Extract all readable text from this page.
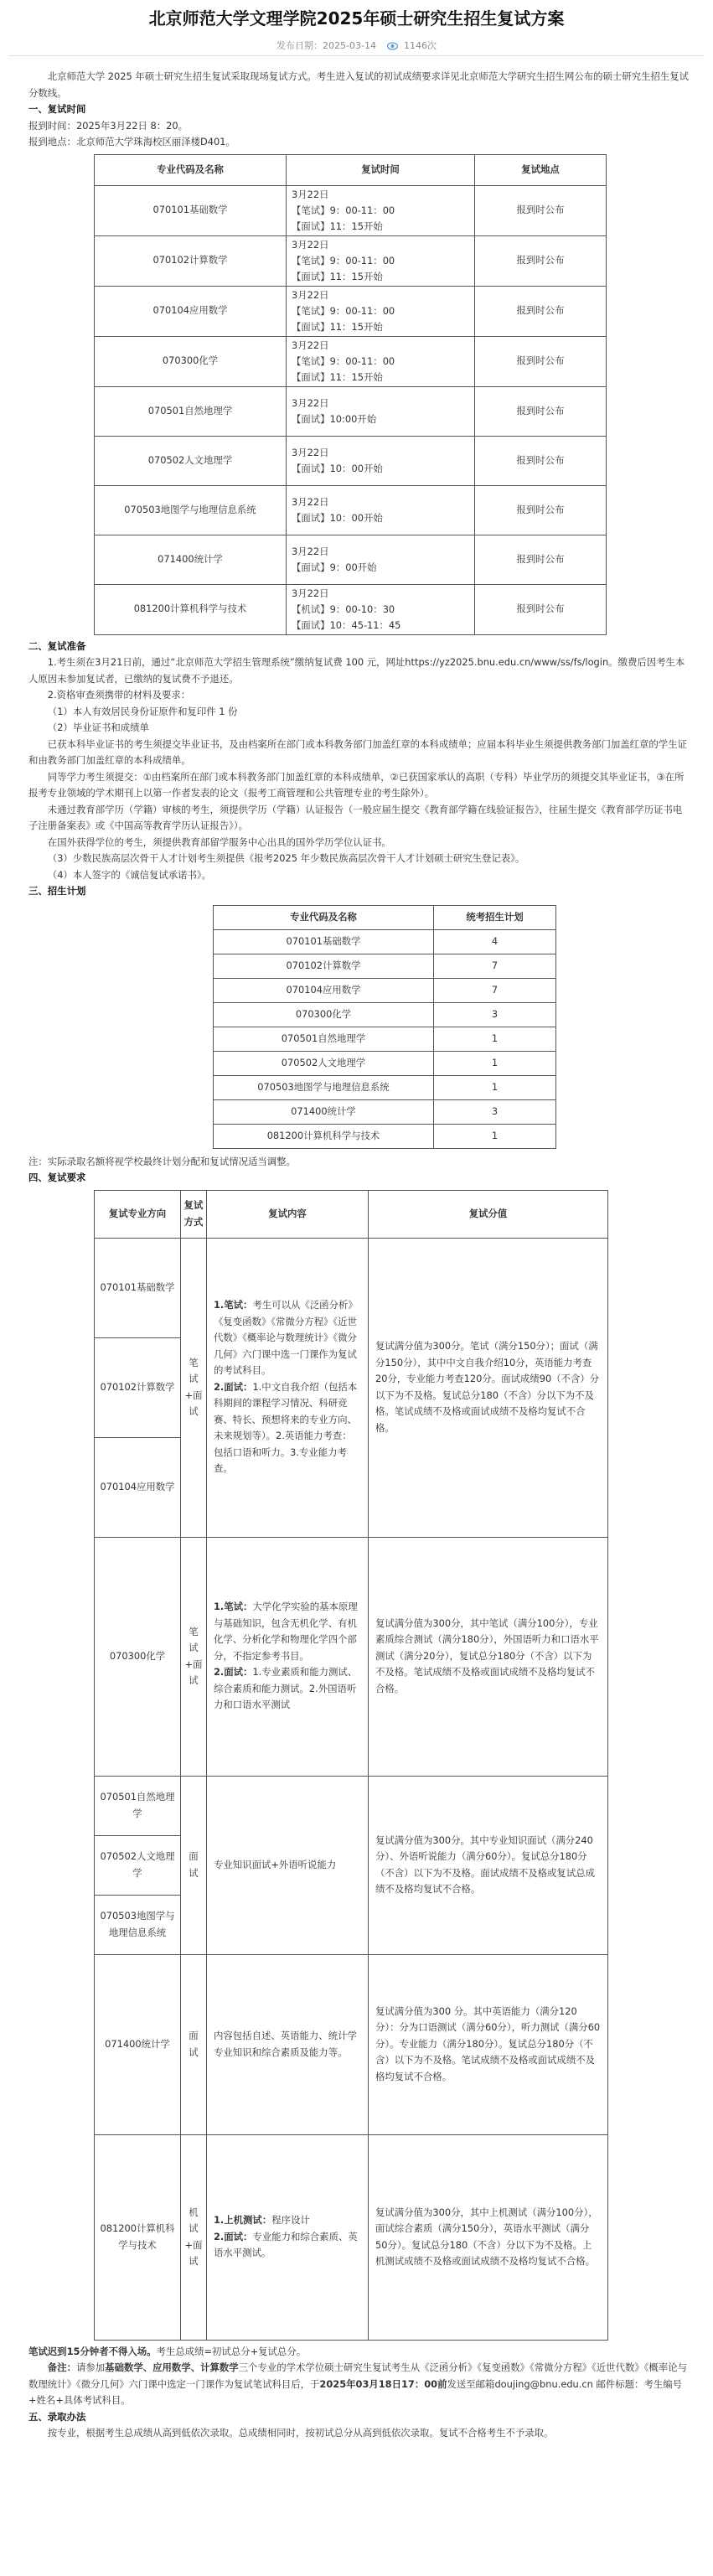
北京师范大学文理学院2025年硕士研究生招生复试方案
发布日期：2025-03-14	1146次

北京师范大学 2025 年硕士研究生招生复试采取现场复试方式。考生进入复试的初试成绩要求详见北京师范大学研究生招生网公布的硕士研究生招生复试分数线。

一、复试时间

报到时间：2025年3月22日 8：20。

报到地点：北京师范大学珠海校区丽泽楼D401。

专业代码及名称	复试时间	复试地点
070101基础数学	3月22日
【笔试】9：00-11：00
【面试】11：15开始	报到时公布
070102计算数学	3月22日
【笔试】9：00-11：00
【面试】11：15开始	报到时公布
070104应用数学	3月22日
【笔试】9：00-11：00
【面试】11：15开始	报到时公布
070300化学	3月22日
【笔试】9：00-11：00
【面试】11：15开始	报到时公布
070501自然地理学	3月22日
【面试】10:00开始	报到时公布
070502人文地理学	3月22日
【面试】10：00开始	报到时公布
070503地图学与地理信息系统	3月22日
【面试】10：00开始	报到时公布
071400统计学	3月22日
【面试】9：00开始	报到时公布
081200计算机科学与技术	3月22日
【机试】9：00-10：30
【面试】10：45-11：45	报到时公布

二、复试准备

1.考生须在3月21日前，通过“北京师范大学招生管理系统”缴纳复试费 100 元，网址https://yz2025.bnu.edu.cn/www/ss/fs/login。缴费后因考生本人原因未参加复试者，已缴纳的复试费不予退还。

2.资格审查须携带的材料及要求：

（1）本人有效居民身份证原件和复印件 1 份

（2）毕业证书和成绩单

已获本科毕业证书的考生须提交毕业证书，及由档案所在部门或本科教务部门加盖红章的本科成绩单；应届本科毕业生须提供教务部门加盖红章的学生证和由教务部门加盖红章的本科成绩单。

同等学力考生须提交：①由档案所在部门或本科教务部门加盖红章的本科成绩单，②已获国家承认的高职（专科）毕业学历的须提交其毕业证书，③在所报考专业领域的学术期刊上以第一作者发表的论文（报考工商管理和公共管理专业的考生除外）。

未通过教育部学历（学籍）审核的考生，须提供学历（学籍）认证报告（一般应届生提交《教育部学籍在线验证报告》，往届生提交《教育部学历证书电子注册备案表》或《中国高等教育学历认证报告》）。

在国外获得学位的考生，须提供教育部留学服务中心出具的国外学历学位认证书。

（3）少数民族高层次骨干人才计划考生须提供《报考2025 年少数民族高层次骨干人才计划硕士研究生登记表》。

（4）本人签字的《诚信复试承诺书》。

三、招生计划

专业代码及名称	统考招生计划
070101基础数学	4
070102计算数学	7
070104应用数学	7
070300化学	3
070501自然地理学	1
070502人文地理学	1
070503地图学与地理信息系统	1
071400统计学	3
081200计算机科学与技术	1

注：实际录取名额将视学校最终计划分配和复试情况适当调整。

四、复试要求

复试专业方向	复试方式	复试内容	复试分值
070101基础数学	笔试+面试	1.笔试：考生可以从《泛函分析》《复变函数》《常微分方程》《近世代数》《概率论与数理统计》《微分几何》六门课中选一门课作为复试的考试科目。
2.面试：1.中文自我介绍（包括本科期间的课程学习情况、科研竞赛、特长、预想将来的专业方向、未来规划等）。2.英语能力考查：包括口语和听力。3.专业能力考查。	复试满分值为300分。笔试（满分150分）；面试（满分150分），其中中文自我介绍10分，英语能力考查20分，专业能力考查120分。面试成绩90（不含）分以下为不及格。复试总分180（不含）分以下为不及格。笔试成绩不及格或面试成绩不及格均复试不合格。
070102计算数学			
070104应用数学			
070300化学	笔试+面试	1.笔试：大学化学实验的基本原理与基础知识，包含无机化学、有机化学、分析化学和物理化学四个部分，不指定参考书目。
2.面试：1.专业素质和能力测试、综合素质和能力测试。2.外国语听力和口语水平测试	复试满分值为300分，其中笔试（满分100分），专业素质综合测试（满分180分），外国语听力和口语水平测试（满分20分），复试总分180分（不含）以下为不及格。笔试成绩不及格或面试成绩不及格均复试不合格。
070501自然地理学	面试	专业知识面试+外语听说能力	复试满分值为300分。其中专业知识面试（满分240分）、外语听说能力（满分60分）。复试总分180分（不含）以下为不及格。面试成绩不及格或复试总成绩不及格均复试不合格。
070502人文地理学			
070503地图学与地理信息系统			
071400统计学	面试	内容包括自述、英语能力、统计学专业知识和综合素质及能力等。	复试满分值为300 分。其中英语能力（满分120分）：分为口语测试（满分60分），听力测试（满分60分）。专业能力（满分180分）。复试总分180分（不含）以下为不及格。笔试成绩不及格或面试成绩不及格均复试不合格。
081200计算机科学与技术	机试+面试	1.上机测试：程序设计
2.面试：专业能力和综合素质、英语水平测试。	复试满分值为300分，其中上机测试（满分100分），面试综合素质（满分150分），英语水平测试（满分50分）。复试总分180（不含）分以下为不及格。上机测试成绩不及格或面试成绩不及格均复试不合格。

笔试迟到15分钟者不得入场。考生总成绩=初试总分+复试总分。

备注：请参加基础数学、应用数学、计算数学三个专业的学术学位硕士研究生复试考生从《泛函分析》《复变函数》《常微分方程》《近世代数》《概率论与数理统计》《微分几何》六门课中选定一门课作为复试笔试科目后，于2025年03月18日17：00前发送至邮箱doujing@bnu.edu.cn 邮件标题：考生编号+姓名+具体考试科目。

五、录取办法

按专业，根据考生总成绩从高到低依次录取。总成绩相同时，按初试总分从高到低依次录取。复试不合格考生不予录取。
